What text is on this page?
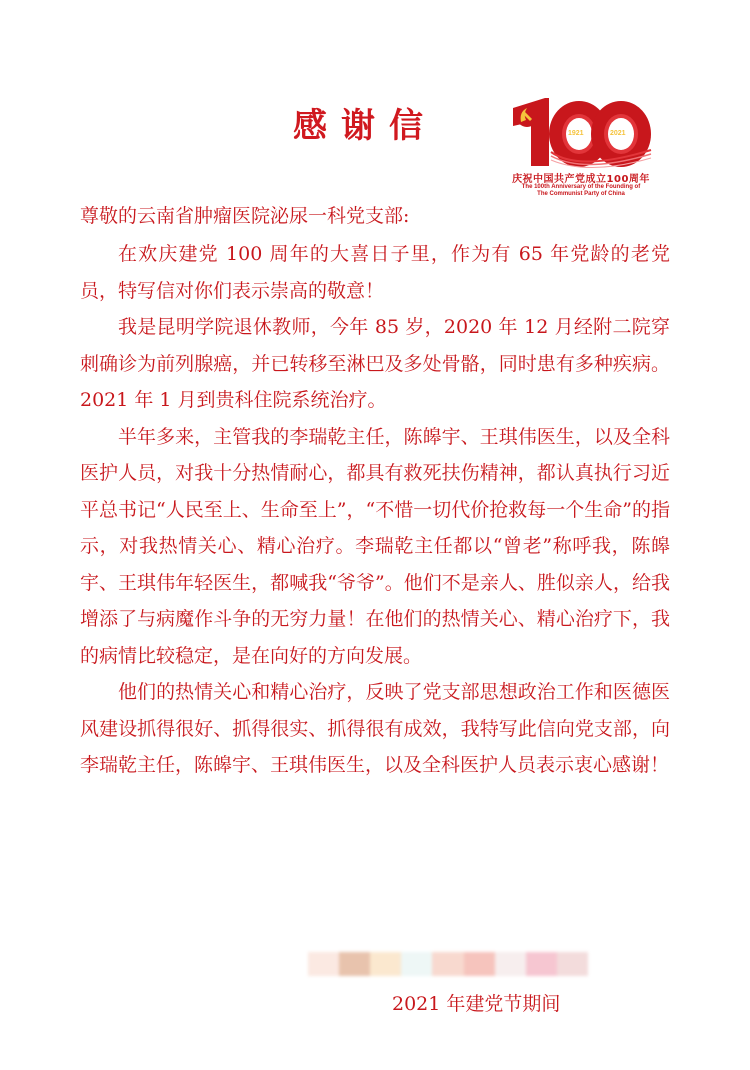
感谢信	1921	2021
庆祝中国共产党成立100周年
The 100th Anniversary of the Founding of
The Communist Party of China
尊敬的云南省肿瘤医院泌尿一科党支部:

在欢庆建党 100 周年的大喜日子里，作为有 65 年党龄的老党员，特写信对你们表示崇高的敬意！

我是昆明学院退休教师，今年 85 岁，2020 年 12 月经附二院穿刺确诊为前列腺癌，并已转移至淋巴及多处骨骼，同时患有多种疾病。2021 年 1 月到贵科住院系统治疗。

半年多来，主管我的李瑞乾主任，陈皞宇、王琪伟医生，以及全科医护人员，对我十分热情耐心，都具有救死扶伤精神，都认真执行习近平总书记“人民至上、生命至上”，“不惜一切代价抢救每一个生命”的指示，对我热情关心、精心治疗。李瑞乾主任都以“曾老”称呼我，陈皞宇、王琪伟年轻医生，都喊我“爷爷”。他们不是亲人、胜似亲人，给我增添了与病魔作斗争的无穷力量！在他们的热情关心、精心治疗下，我的病情比较稳定，是在向好的方向发展。

他们的热情关心和精心治疗，反映了党支部思想政治工作和医德医风建设抓得很好、抓得很实、抓得很有成效，我特写此信向党支部，向李瑞乾主任，陈皞宇、王琪伟医生，以及全科医护人员表示衷心感谢！

2021 年建党节期间
